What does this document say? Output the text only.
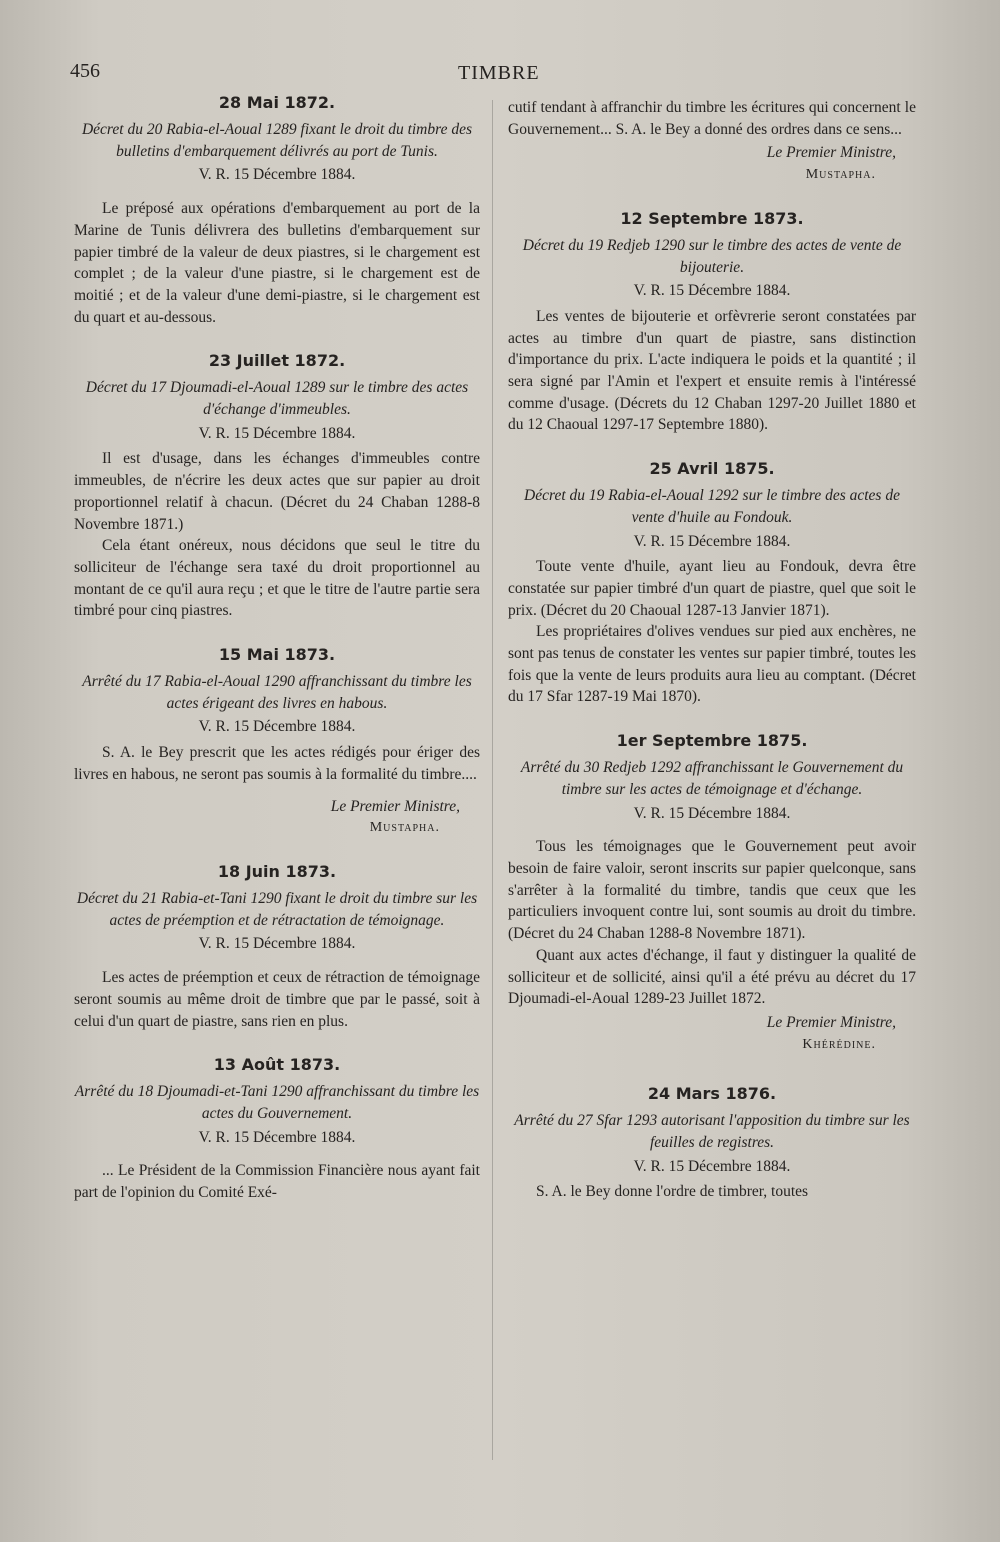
456	TIMBRE
28 Mai 1872.
Décret du 20 Rabia-el-Aoual 1289 fixant le droit du timbre des bulletins d'embarquement délivrés au port de Tunis.
V. R. 15 Décembre 1884.

Le préposé aux opérations d'embarquement au port de la Marine de Tunis délivrera des bulletins d'embarquement sur papier timbré de la valeur de deux piastres, si le chargement est complet ; de la valeur d'une piastre, si le chargement est de moitié ; et de la valeur d'une demi-piastre, si le chargement est du quart et au-dessous.

23 Juillet 1872.
Décret du 17 Djoumadi-el-Aoual 1289 sur le timbre des actes d'échange d'immeubles.
V. R. 15 Décembre 1884.

Il est d'usage, dans les échanges d'immeubles contre immeubles, de n'écrire les deux actes que sur papier au droit proportionnel relatif à chacun. (Décret du 24 Chaban 1288-8 Novembre 1871.)

Cela étant onéreux, nous décidons que seul le titre du solliciteur de l'échange sera taxé du droit proportionnel au montant de ce qu'il aura reçu ; et que le titre de l'autre partie sera timbré pour cinq piastres.

15 Mai 1873.
Arrêté du 17 Rabia-el-Aoual 1290 affranchissant du timbre les actes érigeant des livres en habous.
V. R. 15 Décembre 1884.

S. A. le Bey prescrit que les actes rédigés pour ériger des livres en habous, ne seront pas soumis à la formalité du timbre....

Le Premier Ministre,
Mustapha.
18 Juin 1873.
Décret du 21 Rabia-et-Tani 1290 fixant le droit du timbre sur les actes de préemption et de rétractation de témoignage.
V. R. 15 Décembre 1884.

Les actes de préemption et ceux de rétraction de témoignage seront soumis au même droit de timbre que par le passé, soit à celui d'un quart de piastre, sans rien en plus.

13 Août 1873.
Arrêté du 18 Djoumadi-et-Tani 1290 affranchissant du timbre les actes du Gouvernement.
V. R. 15 Décembre 1884.

... Le Président de la Commission Financière nous ayant fait part de l'opinion du Comité Exé-

cutif tendant à affranchir du timbre les écritures qui concernent le Gouvernement... S. A. le Bey a donné des ordres dans ce sens...

Le Premier Ministre,
Mustapha.
12 Septembre 1873.
Décret du 19 Redjeb 1290 sur le timbre des actes de vente de bijouterie.
V. R. 15 Décembre 1884.

Les ventes de bijouterie et orfèvrerie seront constatées par actes au timbre d'un quart de piastre, sans distinction d'importance du prix. L'acte indiquera le poids et la quantité ; il sera signé par l'Amin et l'expert et ensuite remis à l'intéressé comme d'usage. (Décrets du 12 Chaban 1297-20 Juillet 1880 et du 12 Chaoual 1297-17 Septembre 1880).

25 Avril 1875.
Décret du 19 Rabia-el-Aoual 1292 sur le timbre des actes de vente d'huile au Fondouk.
V. R. 15 Décembre 1884.

Toute vente d'huile, ayant lieu au Fondouk, devra être constatée sur papier timbré d'un quart de piastre, quel que soit le prix. (Décret du 20 Chaoual 1287-13 Janvier 1871).

Les propriétaires d'olives vendues sur pied aux enchères, ne sont pas tenus de constater les ventes sur papier timbré, toutes les fois que la vente de leurs produits aura lieu au comptant. (Décret du 17 Sfar 1287-19 Mai 1870).

1er Septembre 1875.
Arrêté du 30 Redjeb 1292 affranchissant le Gouvernement du timbre sur les actes de témoignage et d'échange.
V. R. 15 Décembre 1884.

Tous les témoignages que le Gouvernement peut avoir besoin de faire valoir, seront inscrits sur papier quelconque, sans s'arrêter à la formalité du timbre, tandis que ceux que les particuliers invoquent contre lui, sont soumis au droit du timbre. (Décret du 24 Chaban 1288-8 Novembre 1871).

Quant aux actes d'échange, il faut y distinguer la qualité de solliciteur et de sollicité, ainsi qu'il a été prévu au décret du 17 Djoumadi-el-Aoual 1289-23 Juillet 1872.

Le Premier Ministre,
Khérédine.
24 Mars 1876.
Arrêté du 27 Sfar 1293 autorisant l'apposition du timbre sur les feuilles de registres.
V. R. 15 Décembre 1884.

S. A. le Bey donne l'ordre de timbrer, toutes
